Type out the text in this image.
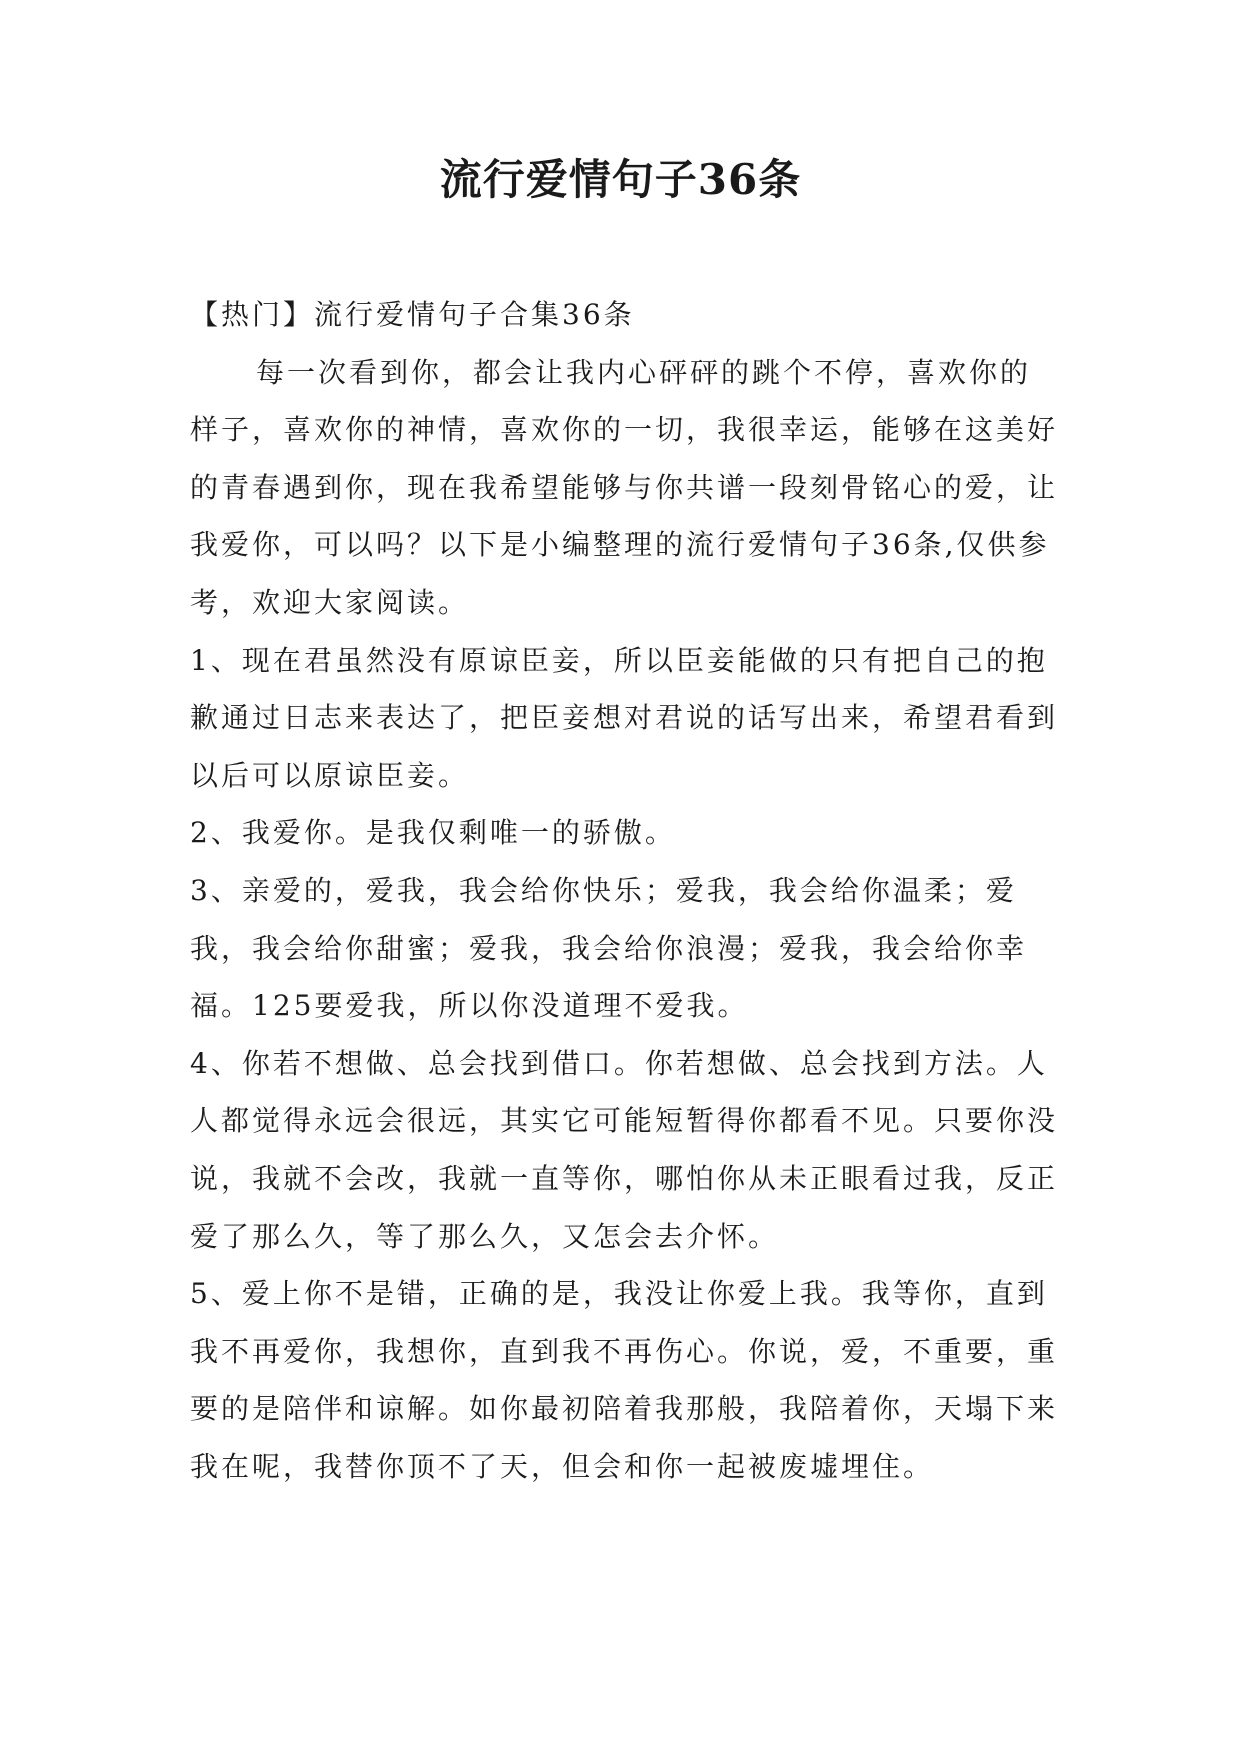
流行爱情句子36条

【热门】流行爱情句子合集36条

每一次看到你，都会让我内心砰砰的跳个不停，喜欢你的样子，喜欢你的神情，喜欢你的一切，我很幸运，能够在这美好的青春遇到你，现在我希望能够与你共谱一段刻骨铭心的爱，让我爱你，可以吗？以下是小编整理的流行爱情句子36条,仅供参考，欢迎大家阅读。

1、现在君虽然没有原谅臣妾，所以臣妾能做的只有把自己的抱歉通过日志来表达了，把臣妾想对君说的话写出来，希望君看到以后可以原谅臣妾。

2、我爱你。是我仅剩唯一的骄傲。

3、亲爱的，爱我，我会给你快乐；爱我，我会给你温柔；爱我，我会给你甜蜜；爱我，我会给你浪漫；爱我，我会给你幸福。125要爱我，所以你没道理不爱我。

4、你若不想做、总会找到借口。你若想做、总会找到方法。人人都觉得永远会很远，其实它可能短暂得你都看不见。只要你没说，我就不会改，我就一直等你，哪怕你从未正眼看过我，反正爱了那么久，等了那么久，又怎会去介怀。

5、爱上你不是错，正确的是，我没让你爱上我。我等你，直到我不再爱你，我想你，直到我不再伤心。你说，爱，不重要，重要的是陪伴和谅解。如你最初陪着我那般，我陪着你，天塌下来我在呢，我替你顶不了天，但会和你一起被废墟埋住。
